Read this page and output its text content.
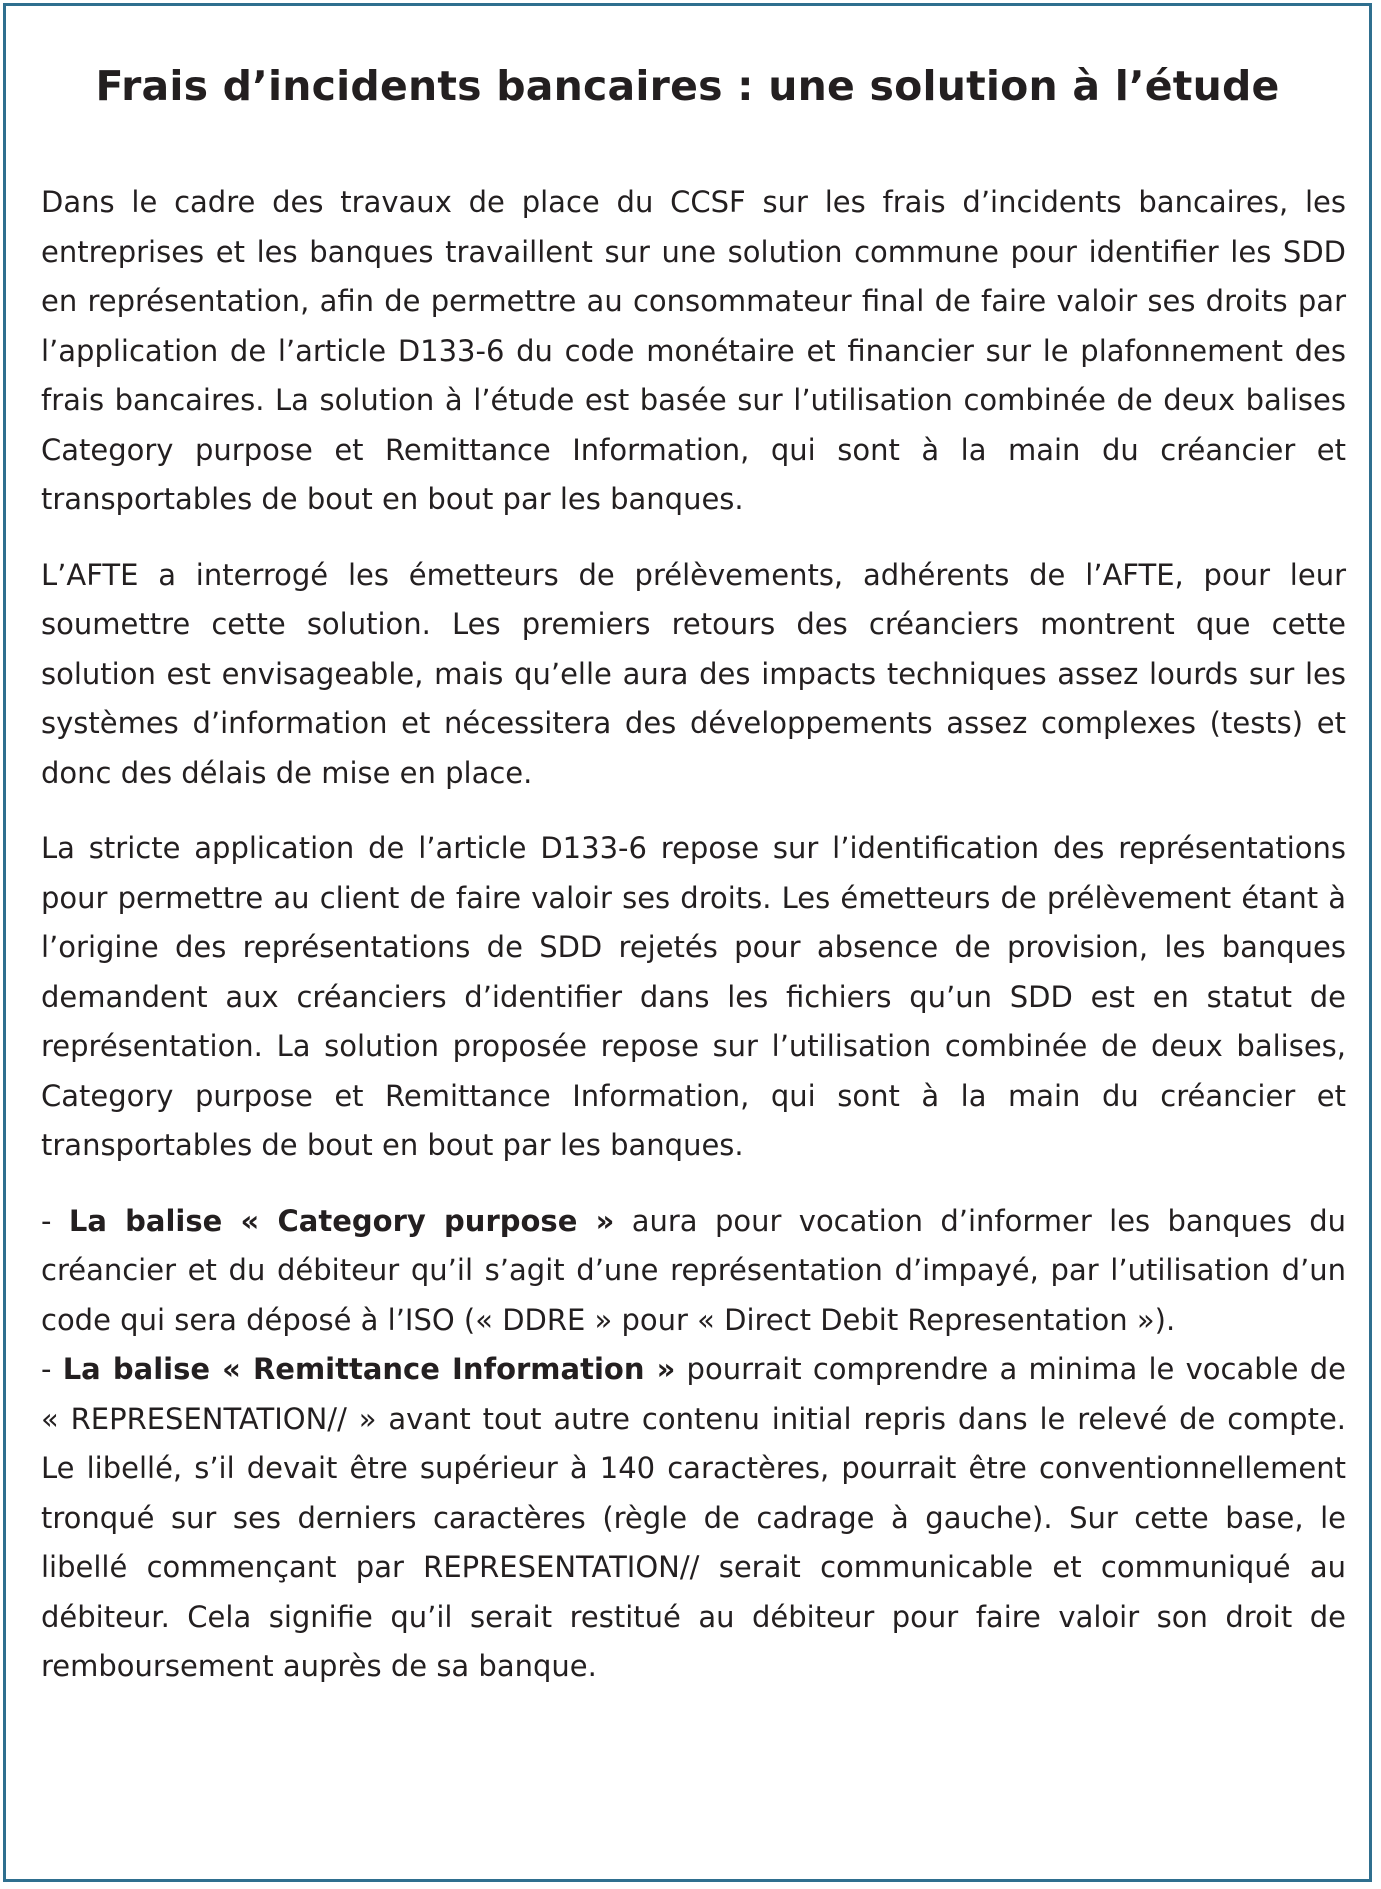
Frais d’incidents bancaires : une solution à l’étude

Dans le cadre des travaux de place du CCSF sur les frais d’incidents bancaires, les entreprises et les banques travaillent sur une solution commune pour identifier les SDD en représentation, afin de permettre au consommateur final de faire valoir ses droits par l’application de l’article D133-6 du code monétaire et financier sur le plafonnement des frais bancaires. La solution à l’étude est basée sur l’utilisation combinée de deux balises Category purpose et Remittance Information, qui sont à la main du créancier et transportables de bout en bout par les banques.

L’AFTE a interrogé les émetteurs de prélèvements, adhérents de l’AFTE, pour leur soumettre cette solution. Les premiers retours des créanciers montrent que cette solution est envisageable, mais qu’elle aura des impacts techniques assez lourds sur les systèmes d’information et nécessitera des développements assez complexes (tests) et donc des délais de mise en place.

La stricte application de l’article D133-6 repose sur l’identification des représentations pour permettre au client de faire valoir ses droits. Les émetteurs de prélèvement étant à l’origine des représentations de SDD rejetés pour absence de provision, les banques demandent aux créanciers d’identifier dans les fichiers qu’un SDD est en statut de représentation. La solution proposée repose sur l’utilisation combinée de deux balises, Category purpose et Remittance Information, qui sont à la main du créancier et transportables de bout en bout par les banques.

- La balise « Category purpose » aura pour vocation d’informer les banques du créancier et du débiteur qu’il s’agit d’une représentation d’impayé, par l’utilisation d’un code qui sera déposé à l’ISO (« DDRE » pour « Direct Debit Representation »).

- La balise « Remittance Information » pourrait comprendre a minima le vocable de « REPRESENTATION// » avant tout autre contenu initial repris dans le relevé de compte. Le libellé, s’il devait être supérieur à 140 caractères, pourrait être conventionnellement tronqué sur ses derniers caractères (règle de cadrage à gauche). Sur cette base, le libellé commençant par REPRESENTATION// serait communicable et communiqué au débiteur. Cela signifie qu’il serait restitué au débiteur pour faire valoir son droit de remboursement auprès de sa banque.
